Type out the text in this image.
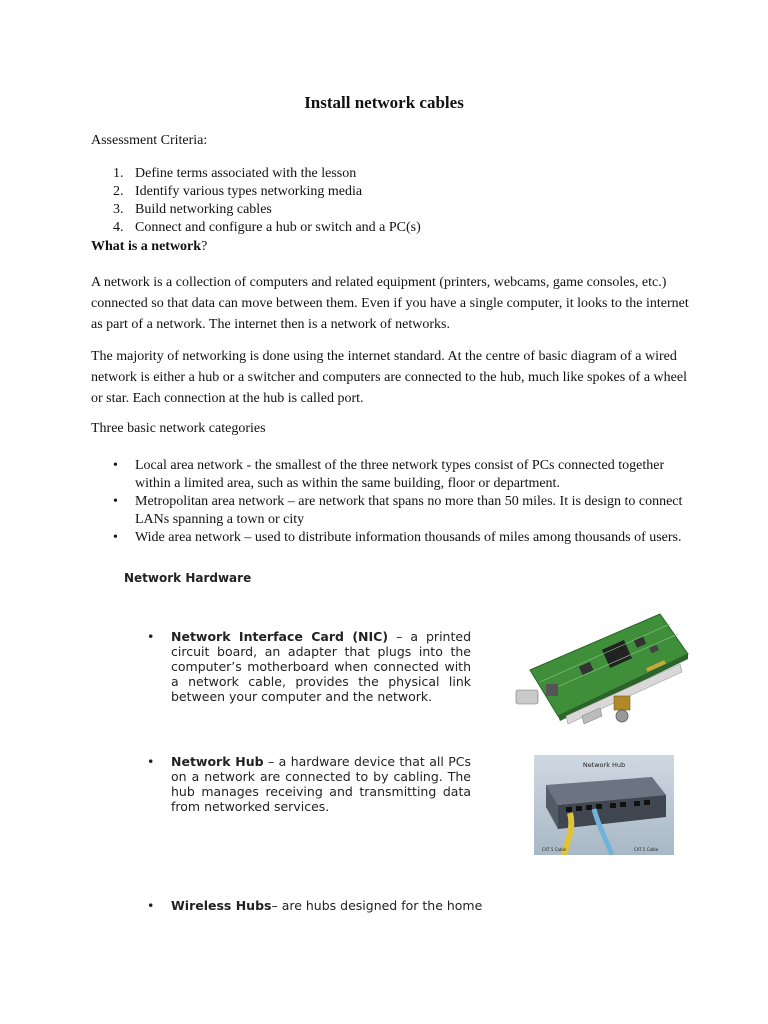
Install network cables
Assessment Criteria:
1. Define terms associated with the lesson
2. Identify various types networking media
3. Build networking cables
4. Connect and configure a hub or switch and a PC(s)
What is a network?
A network is a collection of computers and related equipment (printers, webcams, game consoles, etc.) connected so that data can move between them. Even if you have a single computer, it looks to the internet as part of a network. The internet then is a network of networks.
The majority of networking is done using the internet standard. At the centre of basic diagram of a wired network is either a hub or a switcher and computers are connected to the hub, much like spokes of a wheel or star. Each connection at the hub is called port.
Three basic network categories
•	Local area network - the smallest of the three network types consist of PCs connected together within a limited area, such as within the same building, floor or department.
•	Metropolitan area network – are network that spans no more than 50 miles. It is design to connect LANs spanning a town or city
•	Wide area network – used to distribute information thousands of miles among thousands of users.
Network Hardware
•	Network Interface Card (NIC) – a printed circuit board, an adapter that plugs into the computer’s motherboard when connected with a network cable, provides the physical link between your computer and the network.
•	Network Hub – a hardware device that all PCs on a network are connected to by cabling. The hub manages receiving and transmitting data from networked services.
•	Wireless Hubs– are hubs designed for the home
Network Hub
CAT 5 Cable	CAT 5 Cable
